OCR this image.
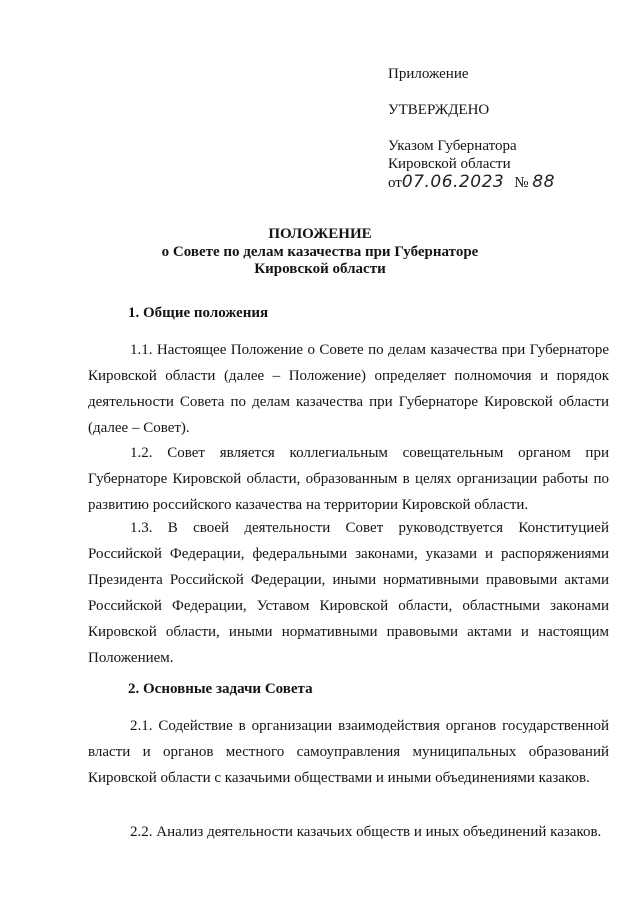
Приложение
УТВЕРЖДЕНО
Указом Губернатора
Кировской области
от07.06.2023 № 88
ПОЛОЖЕНИЕ
о Совете по делам казачества при Губернаторе
Кировской области
1. Общие положения

1.1. Настоящее Положение о Совете по делам казачества при Губернаторе Кировской области (далее – Положение) определяет полномочия и порядок деятельности Совета по делам казачества при Губернаторе Кировской области (далее – Совет).

1.2. Совет является коллегиальным совещательным органом при Губернаторе Кировской области, образованным в целях организации работы по развитию российского казачества на территории Кировской области.

1.3. В своей деятельности Совет руководствуется Конституцией Российской Федерации, федеральными законами, указами и распоряжениями Президента Российской Федерации, иными нормативными правовыми актами Российской Федерации, Уставом Кировской области, областными законами Кировской области, иными нормативными правовыми актами и настоящим Положением.

2. Основные задачи Совета

2.1. Содействие в организации взаимодействия органов государственной власти и органов местного самоуправления муниципальных образований Кировской области с казачьими обществами и иными объединениями казаков.

2.2. Анализ деятельности казачьих обществ и иных объединений казаков.
